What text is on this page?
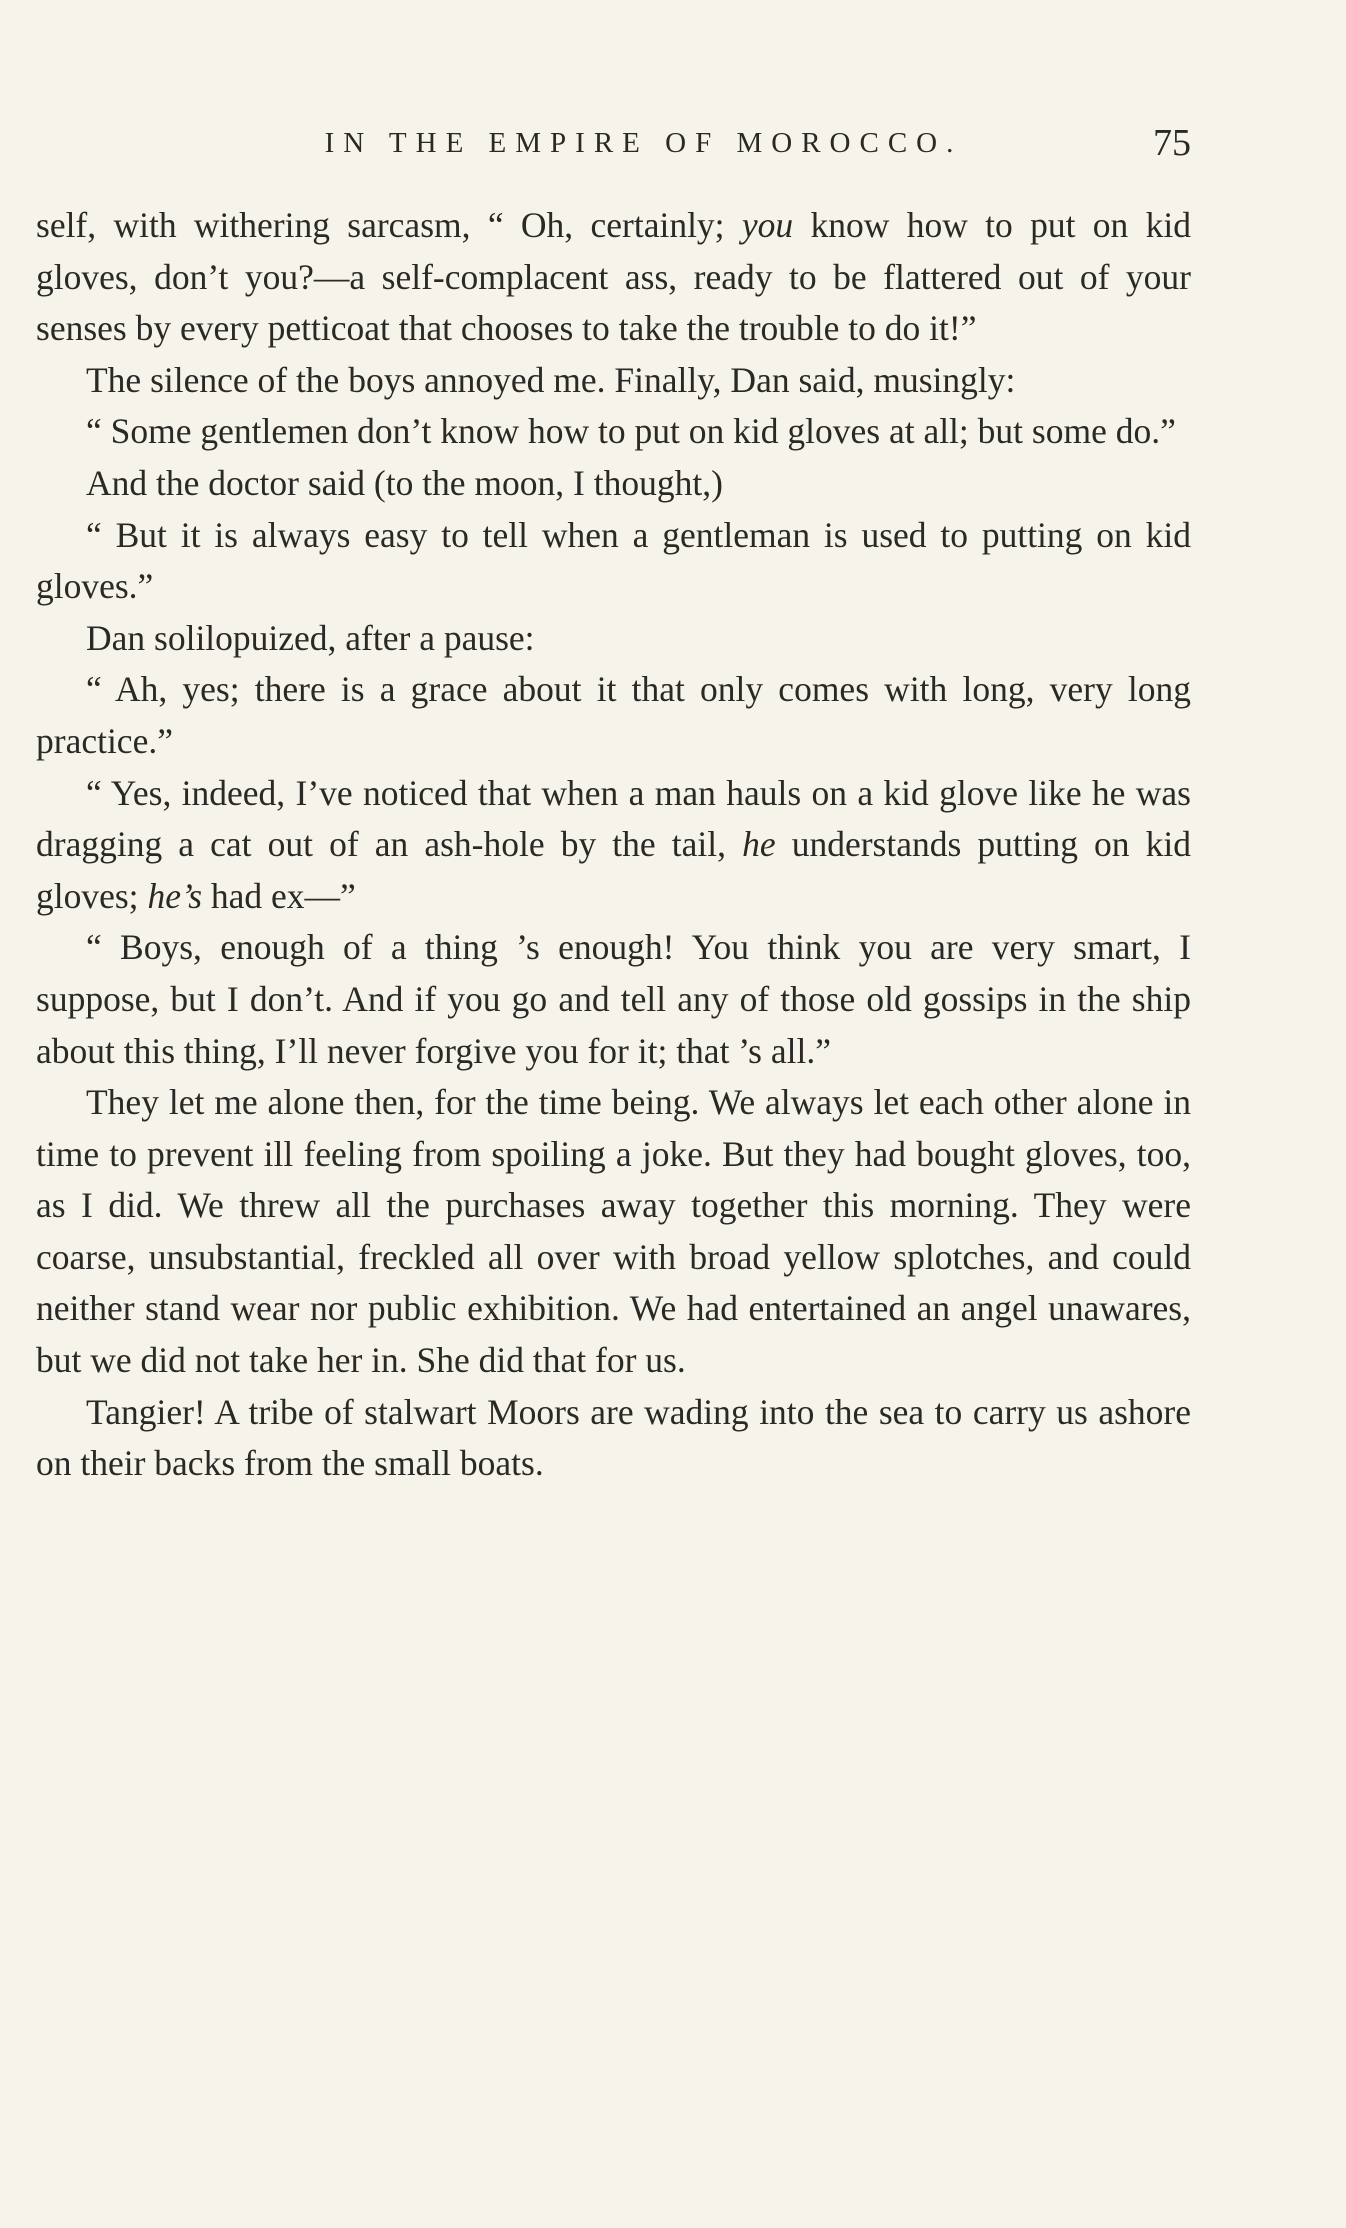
IN THE EMPIRE OF MOROCCO.	75

self, with withering sarcasm, “ Oh, certainly; you know how to put on kid gloves, don’t you?—a self-complacent ass, ready to be flattered out of your senses by every petticoat that chooses to take the trouble to do it!”

The silence of the boys annoyed me. Finally, Dan said, musingly:

“ Some gentlemen don’t know how to put on kid gloves at all; but some do.”

And the doctor said (to the moon, I thought,)

“ But it is always easy to tell when a gentleman is used to putting on kid gloves.”

Dan solilopuized, after a pause:

“ Ah, yes; there is a grace about it that only comes with long, very long practice.”

“ Yes, indeed, I’ve noticed that when a man hauls on a kid glove like he was dragging a cat out of an ash-hole by the tail, he understands putting on kid gloves; he’s had ex—”

“ Boys, enough of a thing ’s enough! You think you are very smart, I suppose, but I don’t. And if you go and tell any of those old gossips in the ship about this thing, I’ll never forgive you for it; that ’s all.”

They let me alone then, for the time being. We always let each other alone in time to prevent ill feeling from spoiling a joke. But they had bought gloves, too, as I did. We threw all the purchases away together this morning. They were coarse, unsubstantial, freckled all over with broad yellow splotches, and could neither stand wear nor public exhibition. We had entertained an angel unawares, but we did not take her in. She did that for us.

Tangier! A tribe of stalwart Moors are wading into the sea to carry us ashore on their backs from the small boats.
